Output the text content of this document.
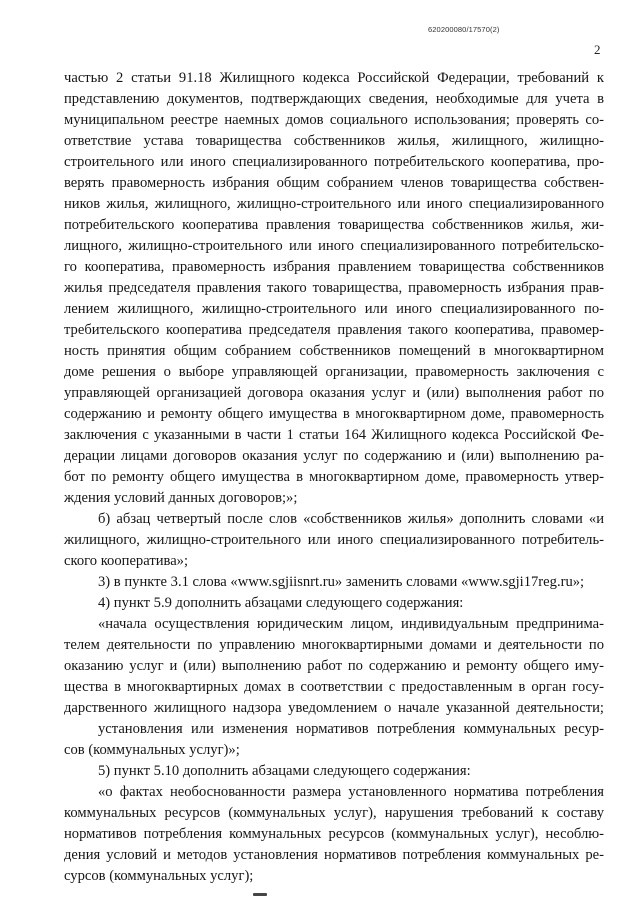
620200080/17570(2)
2
частью 2 статьи 91.18 Жилищного кодекса Российской Федерации, требований к
представлению документов, подтверждающих сведения, необходимые для учета в
муниципальном реестре наемных домов социального использования; проверять со-
ответствие устава товарищества собственников жилья, жилищного, жилищно-
строительного или иного специализированного потребительского кооператива, про-
верять правомерность избрания общим собранием членов товарищества собствен-
ников жилья, жилищного, жилищно-строительного или иного специализированного
потребительского кооператива правления товарищества собственников жилья, жи-
лищного, жилищно-строительного или иного специализированного потребительско-
го кооператива, правомерность избрания правлением товарищества собственников
жилья председателя правления такого товарищества, правомерность избрания прав-
лением жилищного, жилищно-строительного или иного специализированного по-
требительского кооператива председателя правления такого кооператива, правомер-
ность принятия общим собранием собственников помещений в многоквартирном
доме решения о выборе управляющей организации, правомерность заключения с
управляющей организацией договора оказания услуг и (или) выполнения работ по
содержанию и ремонту общего имущества в многоквартирном доме, правомерность
заключения с указанными в части 1 статьи 164 Жилищного кодекса Российской Фе-
дерации лицами договоров оказания услуг по содержанию и (или) выполнению ра-
бот по ремонту общего имущества в многоквартирном доме, правомерность утвер-
ждения условий данных договоров;»;
б) абзац четвертый после слов «собственников жилья» дополнить словами «и
жилищного, жилищно-строительного или иного специализированного потребитель-
ского кооператива»;
3) в пункте 3.1 слова «www.sgjiisnrt.ru» заменить словами «www.sgji17reg.ru»;
4) пункт 5.9 дополнить абзацами следующего содержания:
«начала осуществления юридическим лицом, индивидуальным предпринима-
телем деятельности по управлению многоквартирными домами и деятельности по
оказанию услуг и (или) выполнению работ по содержанию и ремонту общего иму-
щества в многоквартирных домах в соответствии с предоставленным в орган госу-
дарственного жилищного надзора уведомлением о начале указанной деятельности;
установления или изменения нормативов потребления коммунальных ресур-
сов (коммунальных услуг)»;
5) пункт 5.10 дополнить абзацами следующего содержания:
«о фактах необоснованности размера установленного норматива потребления
коммунальных ресурсов (коммунальных услуг), нарушения требований к составу
нормативов потребления коммунальных ресурсов (коммунальных услуг), несоблю-
дения условий и методов установления нормативов потребления коммунальных ре-
сурсов (коммунальных услуг);
